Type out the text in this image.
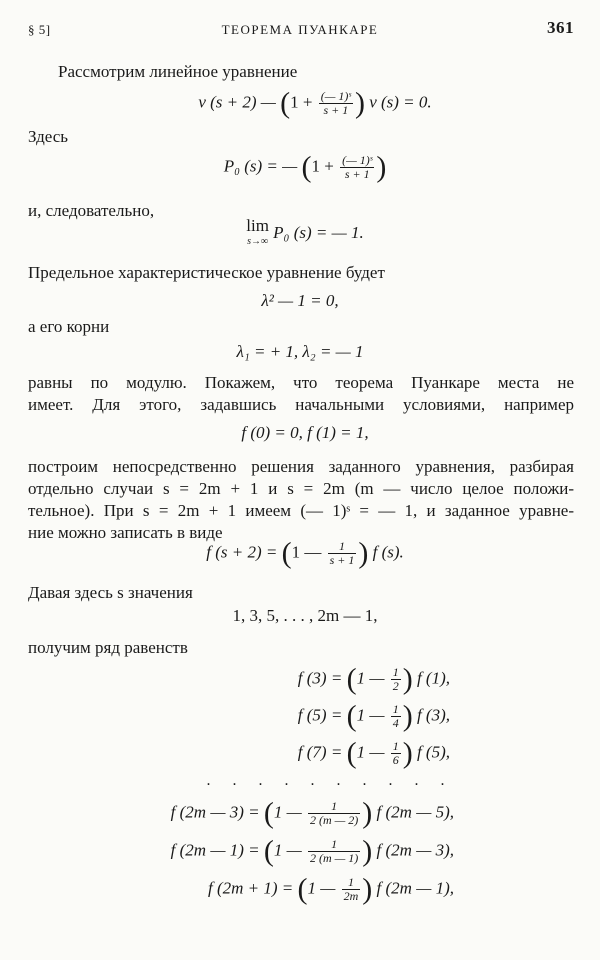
§ 5]	ТЕОРЕМА ПУАНКАРЕ	361
Рассмотрим линейное уравнение
ν (s + 2) — ($1 + \frac{\text{(— 1)ˢ}}{s + 1}$ ) ν (s) = 0.
Здесь
P₀ (s) = — ($1 + \frac{\text{(— 1)ˢ}}{s + 1}$ )
и, следовательно,
lim
s→∞ P₀ (s) = — 1.
Предельное характеристическое уравнение будет
λ² — 1 = 0,
а его корни
λ₁ = + 1, λ₂ = — 1
равны по модулю. Покажем, что теорема Пуанкаре места не
имеет. Для этого, задавшись начальными условиями, например
f (0) = 0, f (1) = 1,
построим непосредственно решения заданного уравнения, разбирая
отдельно случаи s = 2m + 1 и s = 2m (m — число целое положи-
тельное). При s = 2m + 1 имеем (— 1)ˢ = — 1, и заданное уравне-
ние можно записать в виде
f (s + 2) = (1 — $\frac{1}{s + 1}$ ) f (s).
Давая здесь s значения
1, 3, 5, . . . , 2m — 1,
получим ряд равенств
f (3) = (1 — $\frac{1}{2}$ ) f (1),
f (5) = (1 — $\frac{1}{4}$ ) f (3),
f (7) = (1 — $\frac{1}{6}$ ) f (5),
. . . . . . . . . .
f (2m — 3) = (1 — $\frac{1}{2 (m — 2)}$ ) f (2m — 5),
f (2m — 1) = (1 — $\frac{1}{2 (m — 1)}$ ) f (2m — 3),
f (2m + 1) = (1 — $\frac{1}{2m}$ ) f (2m — 1),
